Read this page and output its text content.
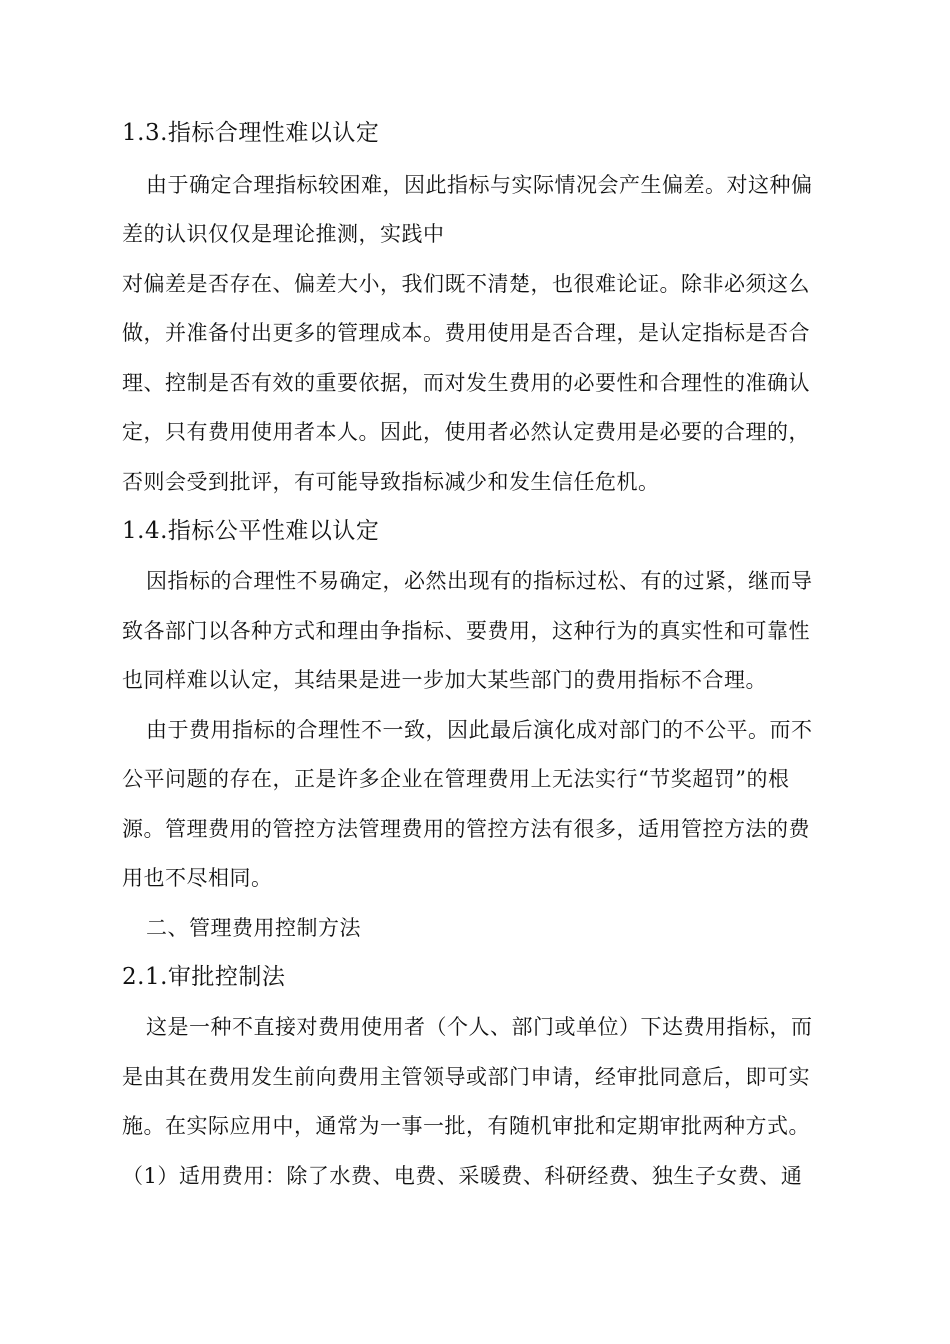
1.3.指标合理性难以认定
由于确定合理指标较困难，因此指标与实际情况会产生偏差。对这种偏
差的认识仅仅是理论推测，实践中
对偏差是否存在、偏差大小，我们既不清楚，也很难论证。除非必须这么
做，并准备付出更多的管理成本。费用使用是否合理，是认定指标是否合
理、控制是否有效的重要依据，而对发生费用的必要性和合理性的准确认
定，只有费用使用者本人。因此，使用者必然认定费用是必要的合理的，
否则会受到批评，有可能导致指标减少和发生信任危机。
1.4.指标公平性难以认定
因指标的合理性不易确定，必然出现有的指标过松、有的过紧，继而导
致各部门以各种方式和理由争指标、要费用，这种行为的真实性和可靠性
也同样难以认定，其结果是进一步加大某些部门的费用指标不合理。
由于费用指标的合理性不一致，因此最后演化成对部门的不公平。而不
公平问题的存在，正是许多企业在管理费用上无法实行“节奖超罚”的根
源。管理费用的管控方法管理费用的管控方法有很多，适用管控方法的费
用也不尽相同。
二、管理费用控制方法
2.1.审批控制法
这是一种不直接对费用使用者（个人、部门或单位）下达费用指标，而
是由其在费用发生前向费用主管领导或部门申请，经审批同意后，即可实
施。在实际应用中，通常为一事一批，有随机审批和定期审批两种方式。
（1）适用费用：除了水费、电费、采暖费、科研经费、独生子女费、通
